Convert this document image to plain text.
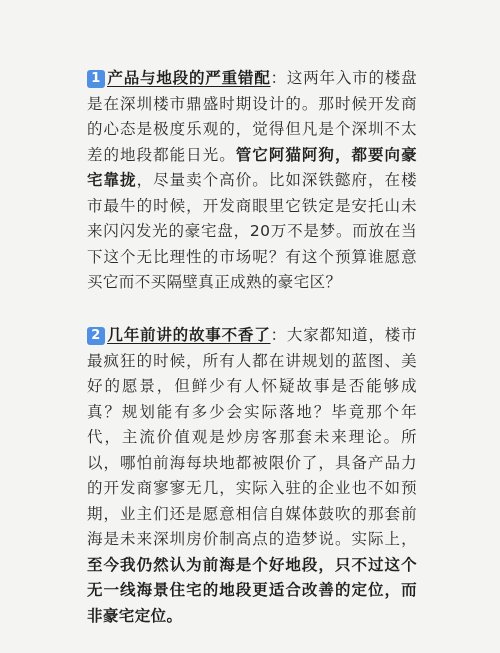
1 产品与地段的严重错配：这两年入市的楼盘是在深圳楼市鼎盛时期设计的。那时候开发商的心态是极度乐观的，觉得但凡是个深圳不太差的地段都能日光。管它阿猫阿狗，都要向豪宅靠拢，尽量卖个高价。比如深铁懿府，在楼市最牛的时候，开发商眼里它铁定是安托山未来闪闪发光的豪宅盘，20万不是梦。而放在当下这个无比理性的市场呢？有这个预算谁愿意买它而不买隔壁真正成熟的豪宅区？

2 几年前讲的故事不香了：大家都知道，楼市最疯狂的时候，所有人都在讲规划的蓝图、美好的愿景，但鲜少有人怀疑故事是否能够成真？规划能有多少会实际落地？毕竟那个年代，主流价值观是炒房客那套未来理论。所以，哪怕前海每块地都被限价了，具备产品力的开发商寥寥无几，实际入驻的企业也不如预期，业主们还是愿意相信自媒体鼓吹的那套前海是未来深圳房价制高点的造梦说。实际上，至今我仍然认为前海是个好地段，只不过这个无一线海景住宅的地段更适合改善的定位，而非豪宅定位。
